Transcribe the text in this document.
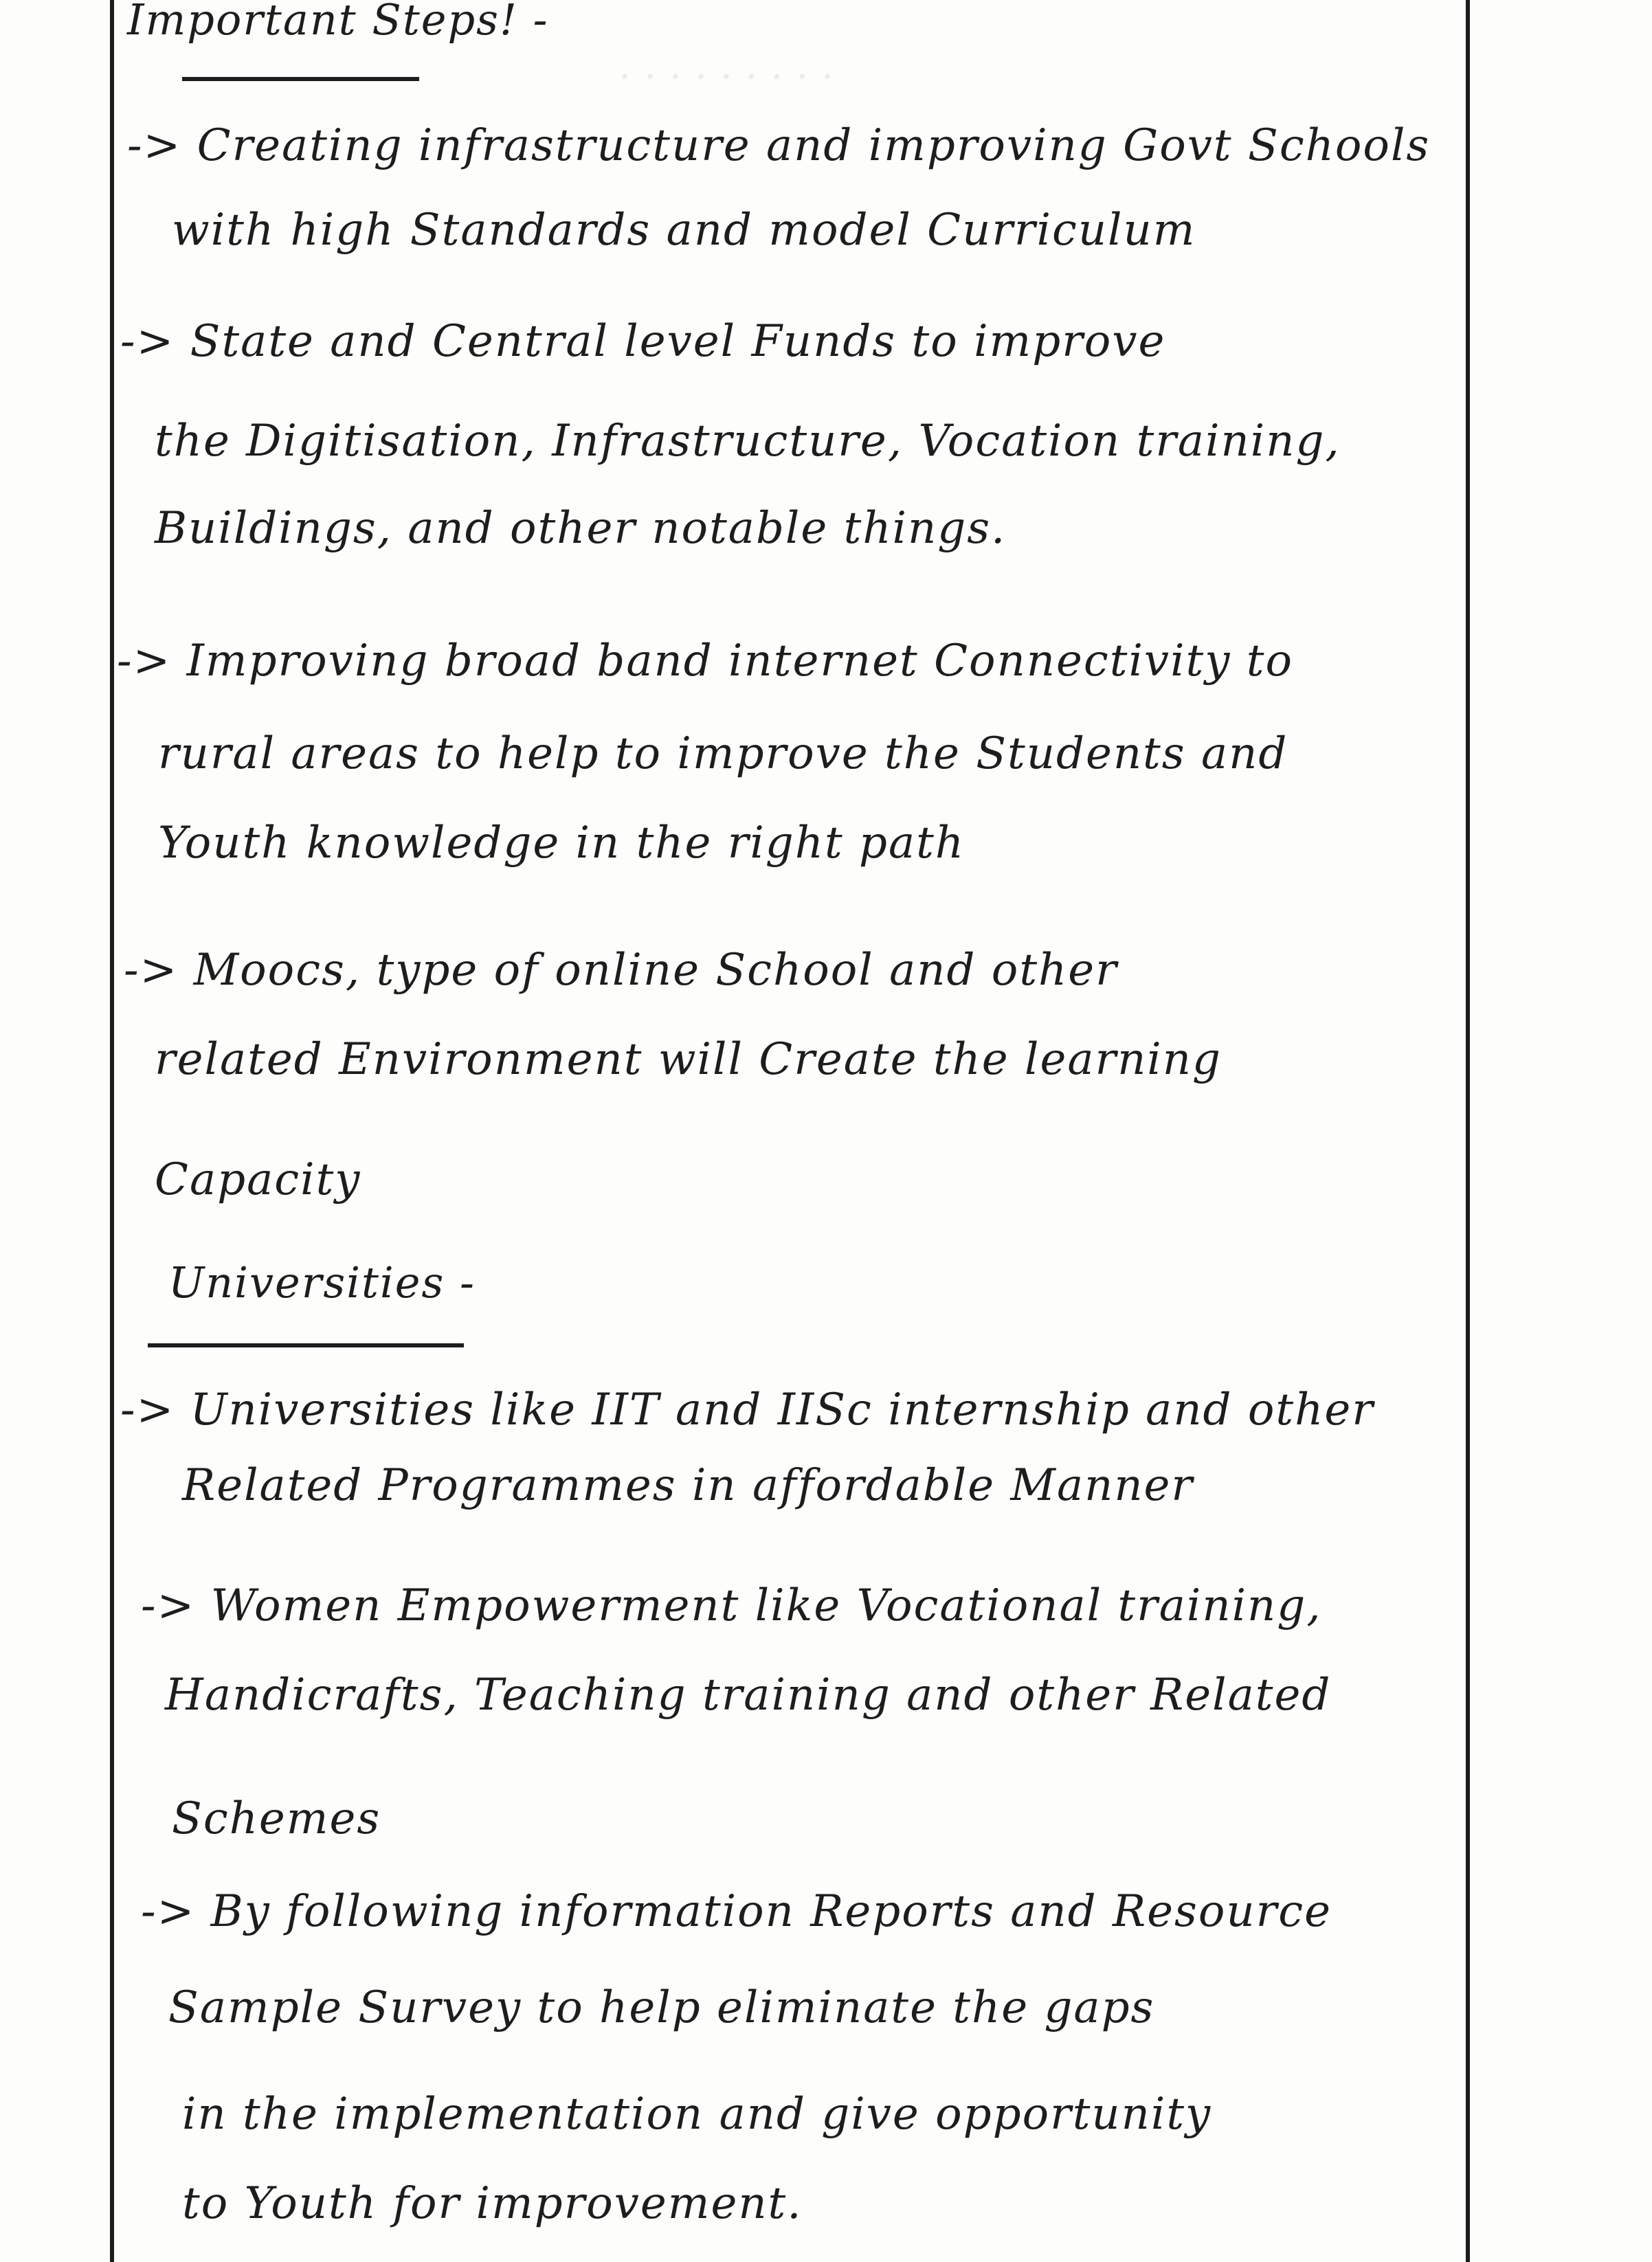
. . . . . . . . .
Important Steps! -
-> Creating infrastructure and improving Govt Schools
with high Standards and model Curriculum
-> State and Central level Funds to improve
the Digitisation, Infrastructure, Vocation training,
Buildings, and other notable things.
-> Improving broad band internet Connectivity to
rural areas to help to improve the Students and
Youth knowledge in the right path
-> Moocs, type of online School and other
related Environment will Create the learning
Capacity
Universities -
-> Universities like IIT and IISc internship and other
Related Programmes in affordable Manner
-> Women Empowerment like Vocational training,
Handicrafts, Teaching training and other Related
Schemes
-> By following information Reports and Resource
Sample Survey to help eliminate the gaps
in the implementation and give opportunity
to Youth for improvement.
